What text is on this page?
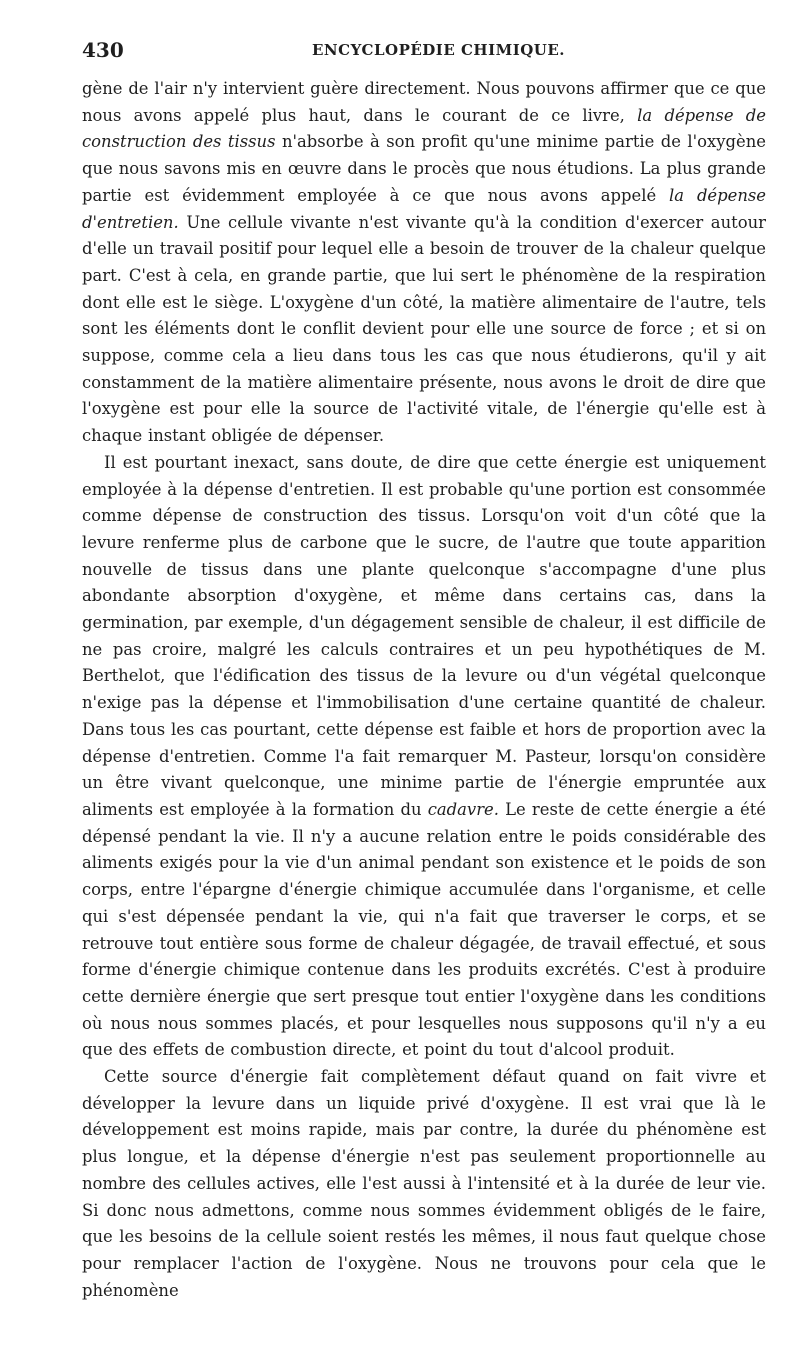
430	ENCYCLOPÉDIE CHIMIQUE.

gène de l'air n'y intervient guère directement. Nous pouvons affirmer que ce que nous avons appelé plus haut, dans le courant de ce livre, la dépense de construction des tissus n'absorbe à son profit qu'une minime partie de l'oxygène que nous savons mis en œuvre dans le procès que nous étudions. La plus grande partie est évidemment employée à ce que nous avons appelé la dépense d'entretien. Une cellule vivante n'est vivante qu'à la condition d'exercer autour d'elle un travail positif pour lequel elle a besoin de trouver de la chaleur quelque part. C'est à cela, en grande partie, que lui sert le phénomène de la respiration dont elle est le siège. L'oxygène d'un côté, la matière alimentaire de l'autre, tels sont les éléments dont le conflit devient pour elle une source de force ; et si on suppose, comme cela a lieu dans tous les cas que nous étudierons, qu'il y ait constamment de la matière alimentaire présente, nous avons le droit de dire que l'oxygène est pour elle la source de l'activité vitale, de l'énergie qu'elle est à chaque instant obligée de dépenser.

Il est pourtant inexact, sans doute, de dire que cette énergie est uniquement employée à la dépense d'entretien. Il est probable qu'une portion est consommée comme dépense de construction des tissus. Lorsqu'on voit d'un côté que la levure renferme plus de carbone que le sucre, de l'autre que toute apparition nouvelle de tissus dans une plante quelconque s'accompagne d'une plus abondante absorption d'oxygène, et même dans certains cas, dans la germination, par exemple, d'un dégagement sensible de chaleur, il est difficile de ne pas croire, malgré les calculs contraires et un peu hypothétiques de M. Berthelot, que l'édification des tissus de la levure ou d'un végétal quelconque n'exige pas la dépense et l'immobilisation d'une certaine quantité de chaleur. Dans tous les cas pourtant, cette dépense est faible et hors de proportion avec la dépense d'entretien. Comme l'a fait remarquer M. Pasteur, lorsqu'on considère un être vivant quelconque, une minime partie de l'énergie empruntée aux aliments est employée à la formation du cadavre. Le reste de cette énergie a été dépensé pendant la vie. Il n'y a aucune relation entre le poids considérable des aliments exigés pour la vie d'un animal pendant son existence et le poids de son corps, entre l'épargne d'énergie chimique accumulée dans l'organisme, et celle qui s'est dépensée pendant la vie, qui n'a fait que traverser le corps, et se retrouve tout entière sous forme de chaleur dégagée, de travail effectué, et sous forme d'énergie chimique contenue dans les produits excrétés. C'est à produire cette dernière énergie que sert presque tout entier l'oxygène dans les conditions où nous nous sommes placés, et pour lesquelles nous supposons qu'il n'y a eu que des effets de combustion directe, et point du tout d'alcool produit.

Cette source d'énergie fait complètement défaut quand on fait vivre et développer la levure dans un liquide privé d'oxygène. Il est vrai que là le développement est moins rapide, mais par contre, la durée du phénomène est plus longue, et la dépense d'énergie n'est pas seulement proportionnelle au nombre des cellules actives, elle l'est aussi à l'intensité et à la durée de leur vie. Si donc nous admettons, comme nous sommes évidemment obligés de le faire, que les besoins de la cellule soient restés les mêmes, il nous faut quelque chose pour remplacer l'action de l'oxygène. Nous ne trouvons pour cela que le phénomène
